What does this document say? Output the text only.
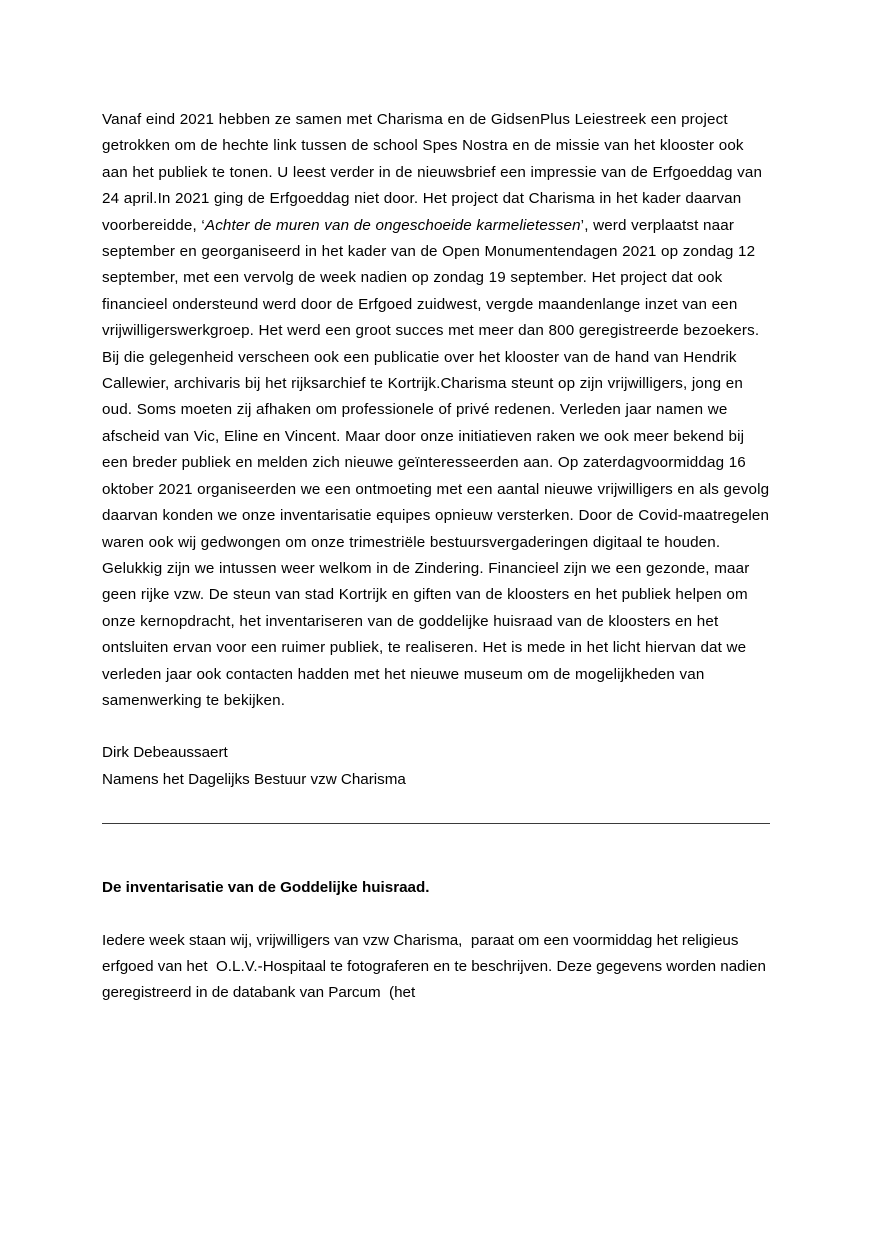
Vanaf eind 2021 hebben ze samen met Charisma en de GidsenPlus Leiestreek een project getrokken om de hechte link tussen de school Spes Nostra en de missie van het klooster ook aan het publiek te tonen. U leest verder in de nieuwsbrief een impressie van de Erfgoeddag van 24 april.In 2021 ging de Erfgoeddag niet door. Het project dat Charisma in het kader daarvan voorbereidde, ‘Achter de muren van de ongeschoeide karmelietessen’, werd verplaatst naar september en georganiseerd in het kader van de Open Monumentendagen 2021 op zondag 12 september, met een vervolg de week nadien op zondag 19 september. Het project dat ook financieel ondersteund werd door de Erfgoed zuidwest, vergde maandenlange inzet van een vrijwilligerswerkgroep. Het werd een groot succes met meer dan 800 geregistreerde bezoekers. Bij die gelegenheid verscheen ook een publicatie over het klooster van de hand van Hendrik Callewier, archivaris bij het rijksarchief te Kortrijk.Charisma steunt op zijn vrijwilligers, jong en oud. Soms moeten zij afhaken om professionele of privé redenen. Verleden jaar namen we afscheid van Vic, Eline en Vincent. Maar door onze initiatieven raken we ook meer bekend bij een breder publiek en melden zich nieuwe geïnteresseerden aan. Op zaterdagvoormiddag 16 oktober 2021 organiseerden we een ontmoeting met een aantal nieuwe vrijwilligers en als gevolg daarvan konden we onze inventarisatie equipes opnieuw versterken. Door de Covid-maatregelen waren ook wij gedwongen om onze trimestriële bestuursvergaderingen digitaal te houden. Gelukkig zijn we intussen weer welkom in de Zindering. Financieel zijn we een gezonde, maar geen rijke vzw. De steun van stad Kortrijk en giften van de kloosters en het publiek helpen om onze kernopdracht, het inventariseren van de goddelijke huisraad van de kloosters en het ontsluiten ervan voor een ruimer publiek, te realiseren. Het is mede in het licht hiervan dat we verleden jaar ook contacten hadden met het nieuwe museum om de mogelijkheden van samenwerking te bekijken.

Dirk Debeaussaert
Namens het Dagelijks Bestuur vzw Charisma

De inventarisatie van de Goddelijke huisraad.

Iedere week staan wij, vrijwilligers van vzw Charisma,  paraat om een voormiddag het religieus erfgoed van het  O.L.V.-Hospitaal te fotograferen en te beschrijven. Deze gegevens worden nadien geregistreerd in de databank van Parcum  (het
